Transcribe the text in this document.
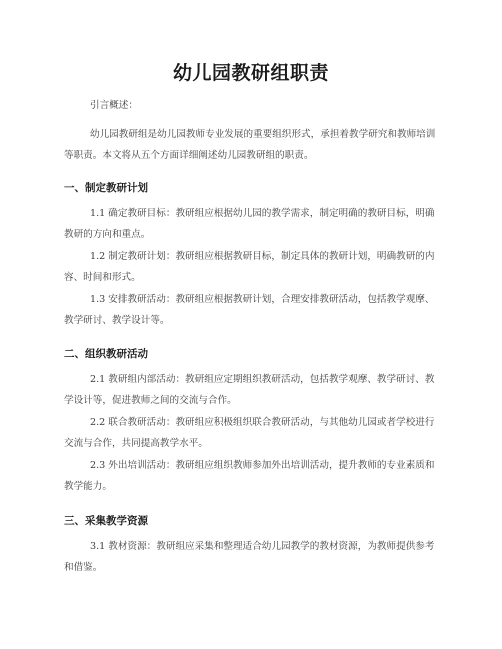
幼儿园教研组职责
引言概述：
幼儿园教研组是幼儿园教师专业发展的重要组织形式，承担着教学研究和教师培训等职责。本文将从五个方面详细阐述幼儿园教研组的职责。
一、制定教研计划
1.1 确定教研目标：教研组应根据幼儿园的教学需求，制定明确的教研目标，明确教研的方向和重点。
1.2 制定教研计划：教研组应根据教研目标，制定具体的教研计划，明确教研的内容、时间和形式。
1.3 安排教研活动：教研组应根据教研计划，合理安排教研活动，包括教学观摩、教学研讨、教学设计等。
二、组织教研活动
2.1 教研组内部活动：教研组应定期组织教研活动，包括教学观摩、教学研讨、教学设计等，促进教师之间的交流与合作。
2.2 联合教研活动：教研组应积极组织联合教研活动，与其他幼儿园或者学校进行交流与合作，共同提高教学水平。
2.3 外出培训活动：教研组应组织教师参加外出培训活动，提升教师的专业素质和教学能力。
三、采集教学资源
3.1 教材资源：教研组应采集和整理适合幼儿园教学的教材资源，为教师提供参考和借鉴。
